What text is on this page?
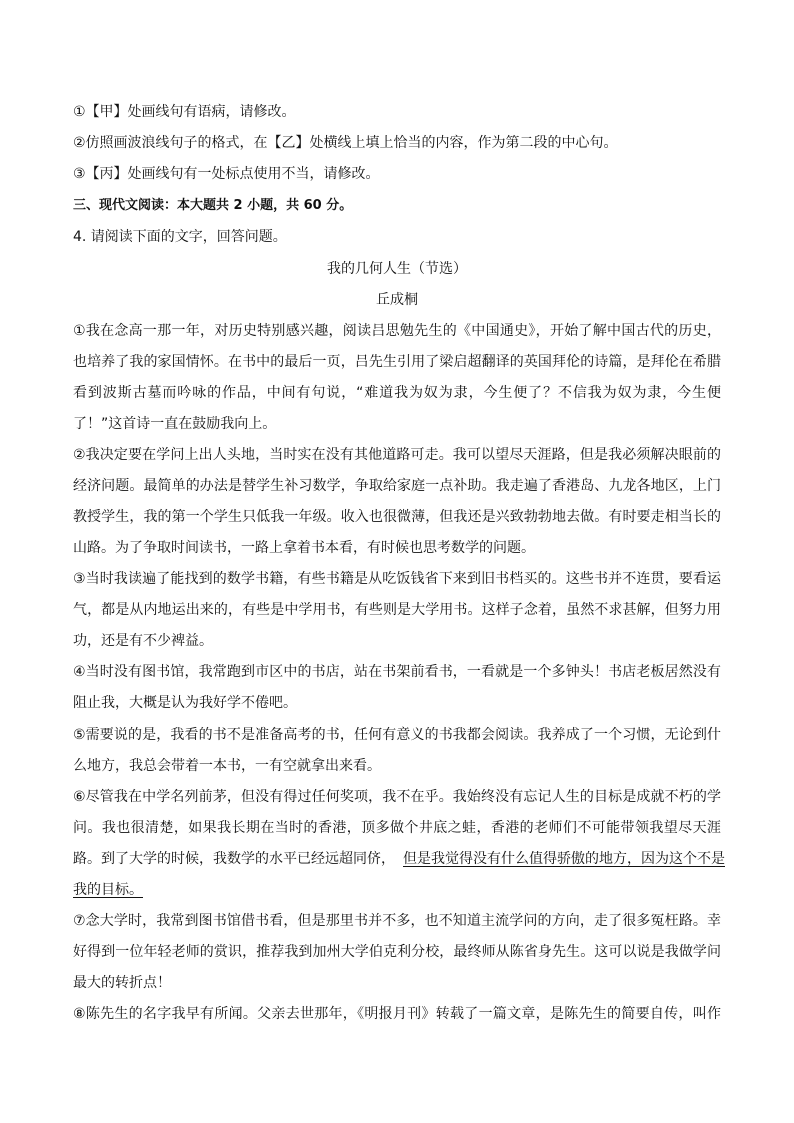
①【甲】处画线句有语病，请修改。
②仿照画波浪线句子的格式，在【乙】处横线上填上恰当的内容，作为第二段的中心句。
③【丙】处画线句有一处标点使用不当，请修改。
三、现代文阅读：本大题共 2 小题，共 60 分。
4. 请阅读下面的文字，回答问题。
我的几何人生（节选）
丘成桐
①我在念高一那一年，对历史特别感兴趣，阅读吕思勉先生的《中国通史》，开始了解中国古代的历史，
也培养了我的家国情怀。在书中的最后一页，吕先生引用了梁启超翻译的英国拜伦的诗篇，是拜伦在希腊
看到波斯古墓而吟咏的作品，中间有句说，“难道我为奴为隶，今生便了？不信我为奴为隶，今生便
了！”这首诗一直在鼓励我向上。
②我决定要在学问上出人头地，当时实在没有其他道路可走。我可以望尽天涯路，但是我必须解决眼前的
经济问题。最简单的办法是替学生补习数学，争取给家庭一点补助。我走遍了香港岛、九龙各地区，上门
教授学生，我的第一个学生只低我一年级。收入也很微薄，但我还是兴致勃勃地去做。有时要走相当长的
山路。为了争取时间读书，一路上拿着书本看，有时候也思考数学的问题。
③当时我读遍了能找到的数学书籍，有些书籍是从吃饭钱省下来到旧书档买的。这些书并不连贯，要看运
气，都是从内地运出来的，有些是中学用书，有些则是大学用书。这样子念着，虽然不求甚解，但努力用
功，还是有不少裨益。
④当时没有图书馆，我常跑到市区中的书店，站在书架前看书，一看就是一个多钟头！书店老板居然没有
阻止我，大概是认为我好学不倦吧。
⑤需要说的是，我看的书不是准备高考的书，任何有意义的书我都会阅读。我养成了一个习惯，无论到什
么地方，我总会带着一本书，一有空就拿出来看。
⑥尽管我在中学名列前茅，但没有得过任何奖项，我不在乎。我始终没有忘记人生的目标是成就不朽的学
问。我也很清楚，如果我长期在当时的香港，顶多做个井底之蛙，香港的老师们不可能带领我望尽天涯
路。到了大学的时候，我数学的水平已经远超同侪， 但是我觉得没有什么值得骄傲的地方，因为这个不是
我的目标。
⑦念大学时，我常到图书馆借书看，但是那里书并不多，也不知道主流学问的方向，走了很多冤枉路。幸
好得到一位年轻老师的赏识，推荐我到加州大学伯克利分校，最终师从陈省身先生。这可以说是我做学问
最大的转折点！
⑧陈先生的名字我早有所闻。父亲去世那年，《明报月刊》转载了一篇文章，是陈先生的简要自传，叫作
